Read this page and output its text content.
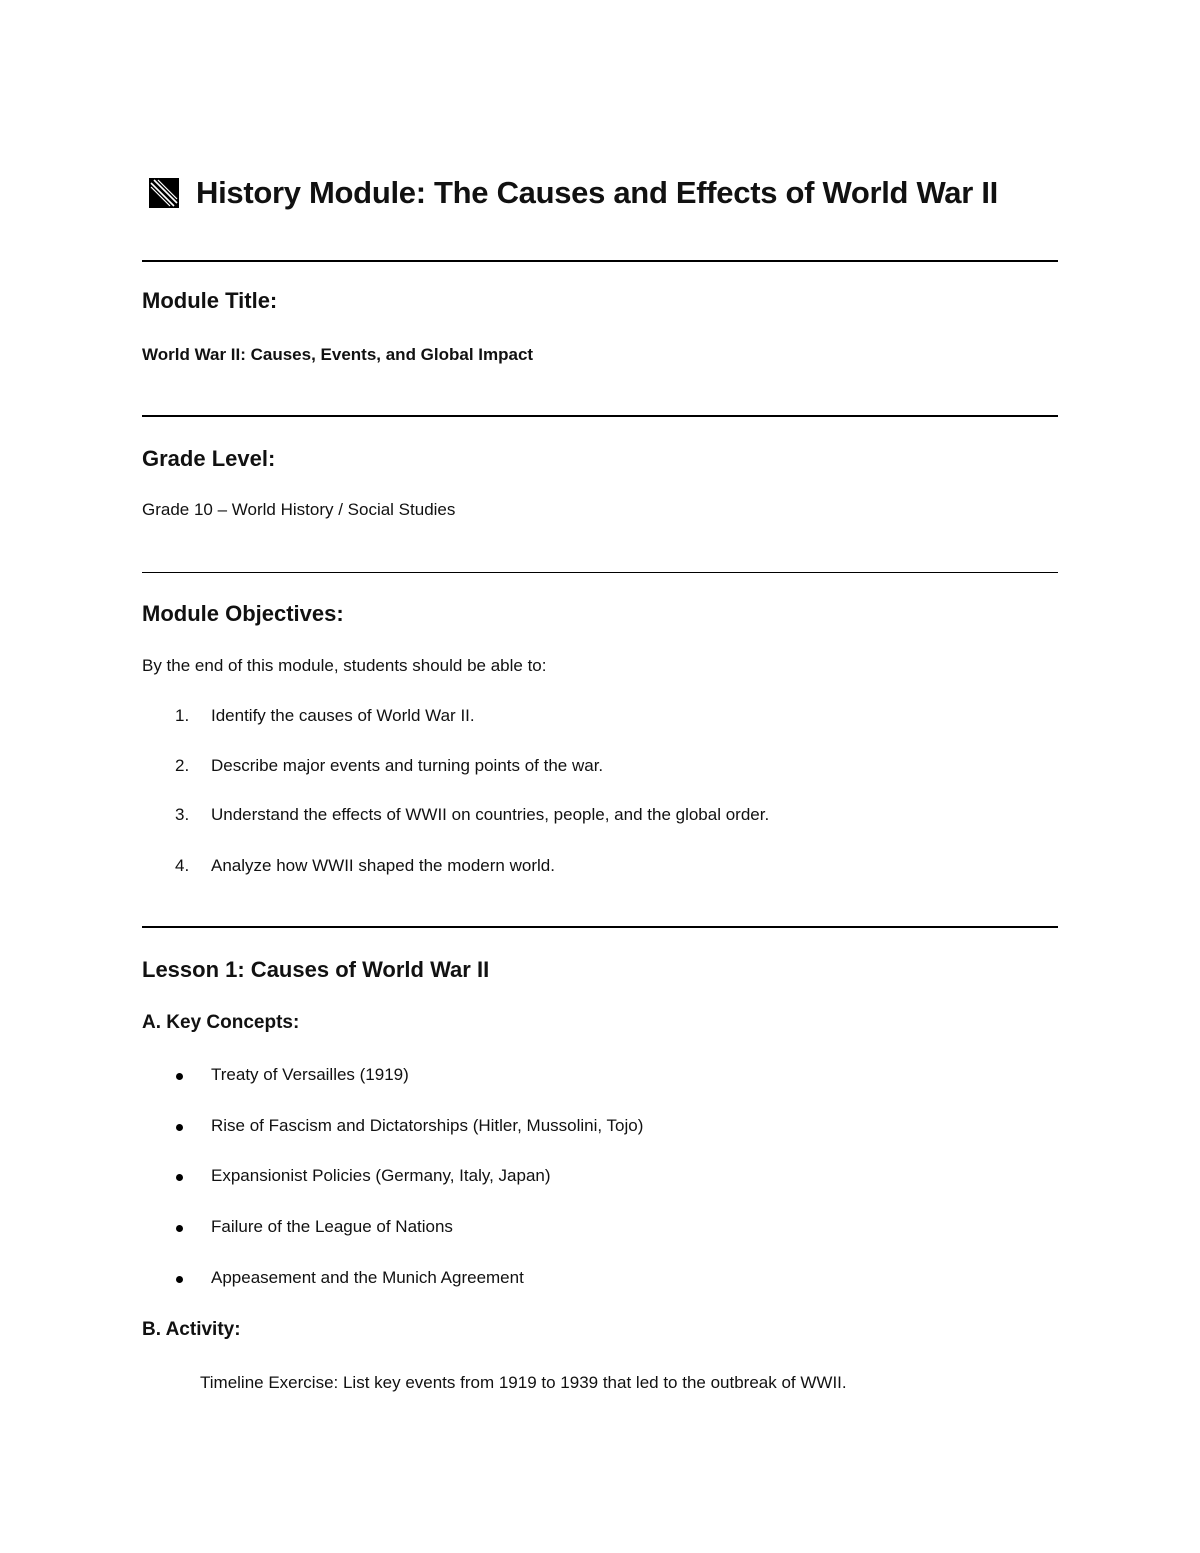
History Module: The Causes and Effects of World War II
Module Title:
World War II: Causes, Events, and Global Impact
Grade Level:
Grade 10 – World History / Social Studies
Module Objectives:
By the end of this module, students should be able to:
1. Identify the causes of World War II.
2. Describe major events and turning points of the war.
3. Understand the effects of WWII on countries, people, and the global order.
4. Analyze how WWII shaped the modern world.
Lesson 1: Causes of World War II
A. Key Concepts:
Treaty of Versailles (1919)
Rise of Fascism and Dictatorships (Hitler, Mussolini, Tojo)
Expansionist Policies (Germany, Italy, Japan)
Failure of the League of Nations
Appeasement and the Munich Agreement
B. Activity:
Timeline Exercise: List key events from 1919 to 1939 that led to the outbreak of WWII.
